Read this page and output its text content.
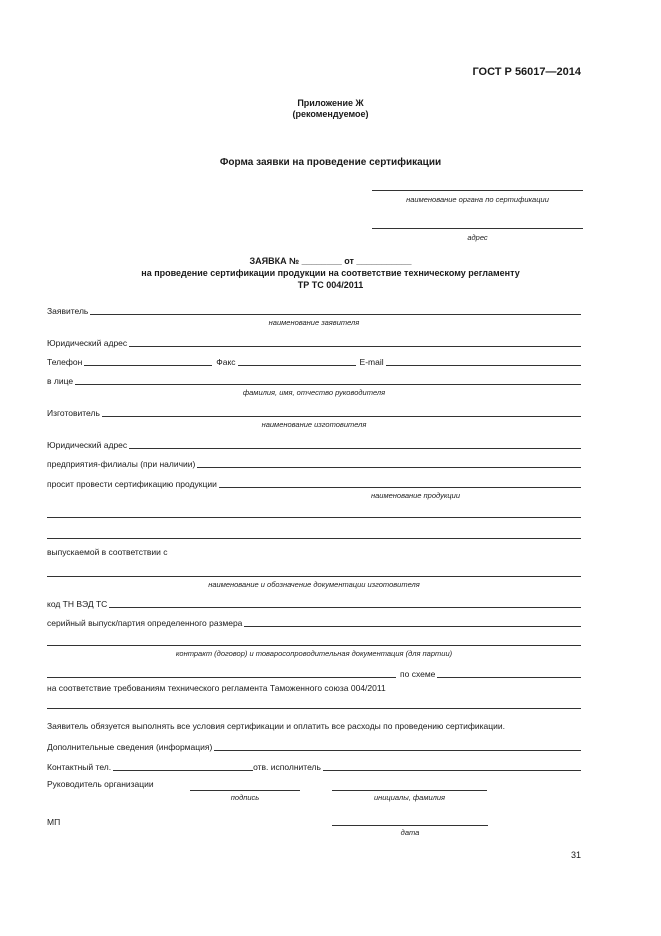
ГОСТ Р 56017—2014
Приложение Ж
(рекомендуемое)
Форма заявки на проведение сертификации
наименование органа по сертификации
адрес
ЗАЯВКА № ________ от ___________
на проведение сертификации продукции на соответствие техническому регламенту
ТР ТС 004/2011
Заявитель
наименование заявителя
Юридический адрес
Телефон	Факс	E-mail
в лице
фамилия, имя, отчество руководителя
Изготовитель
наименование изготовителя
Юридический адрес
предприятия-филиалы (при наличии)
просит провести сертификацию продукции
наименование продукции
выпускаемой в соответствии с
наименование и обозначение документации изготовителя
код ТН ВЭД ТС
серийный выпуск/партия определенного размера
контракт (договор) и товаросопроводительная документация (для партии)
по схеме
на соответствие требованиям технического регламента Таможенного союза 004/2011
Заявитель обязуется выполнять все условия сертификации и оплатить все расходы по проведению сертификации.
Дополнительные сведения (информация)
Контактный тел.	отв. исполнитель
Руководитель организации
подпись	инициалы, фамилия
МП
дата
31
